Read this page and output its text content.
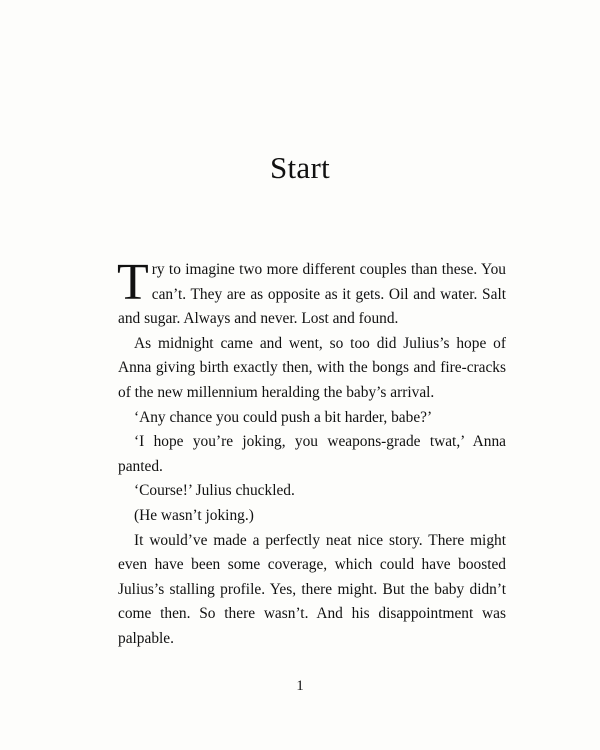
Start

Try to imagine two more different couples than these. You can’t. They are as opposite as it gets. Oil and water. Salt and sugar. Always and never. Lost and found.

As midnight came and went, so too did Julius’s hope of Anna giving birth exactly then, with the bongs and fire-cracks of the new millennium heralding the baby’s arrival.

‘Any chance you could push a bit harder, babe?’

‘I hope you’re joking, you weapons-grade twat,’ Anna panted.

‘Course!’ Julius chuckled.

(He wasn’t joking.)

It would’ve made a perfectly neat nice story. There might even have been some coverage, which could have boosted Julius’s stalling profile. Yes, there might. But the baby didn’t come then. So there wasn’t. And his disappointment was palpable.

1
